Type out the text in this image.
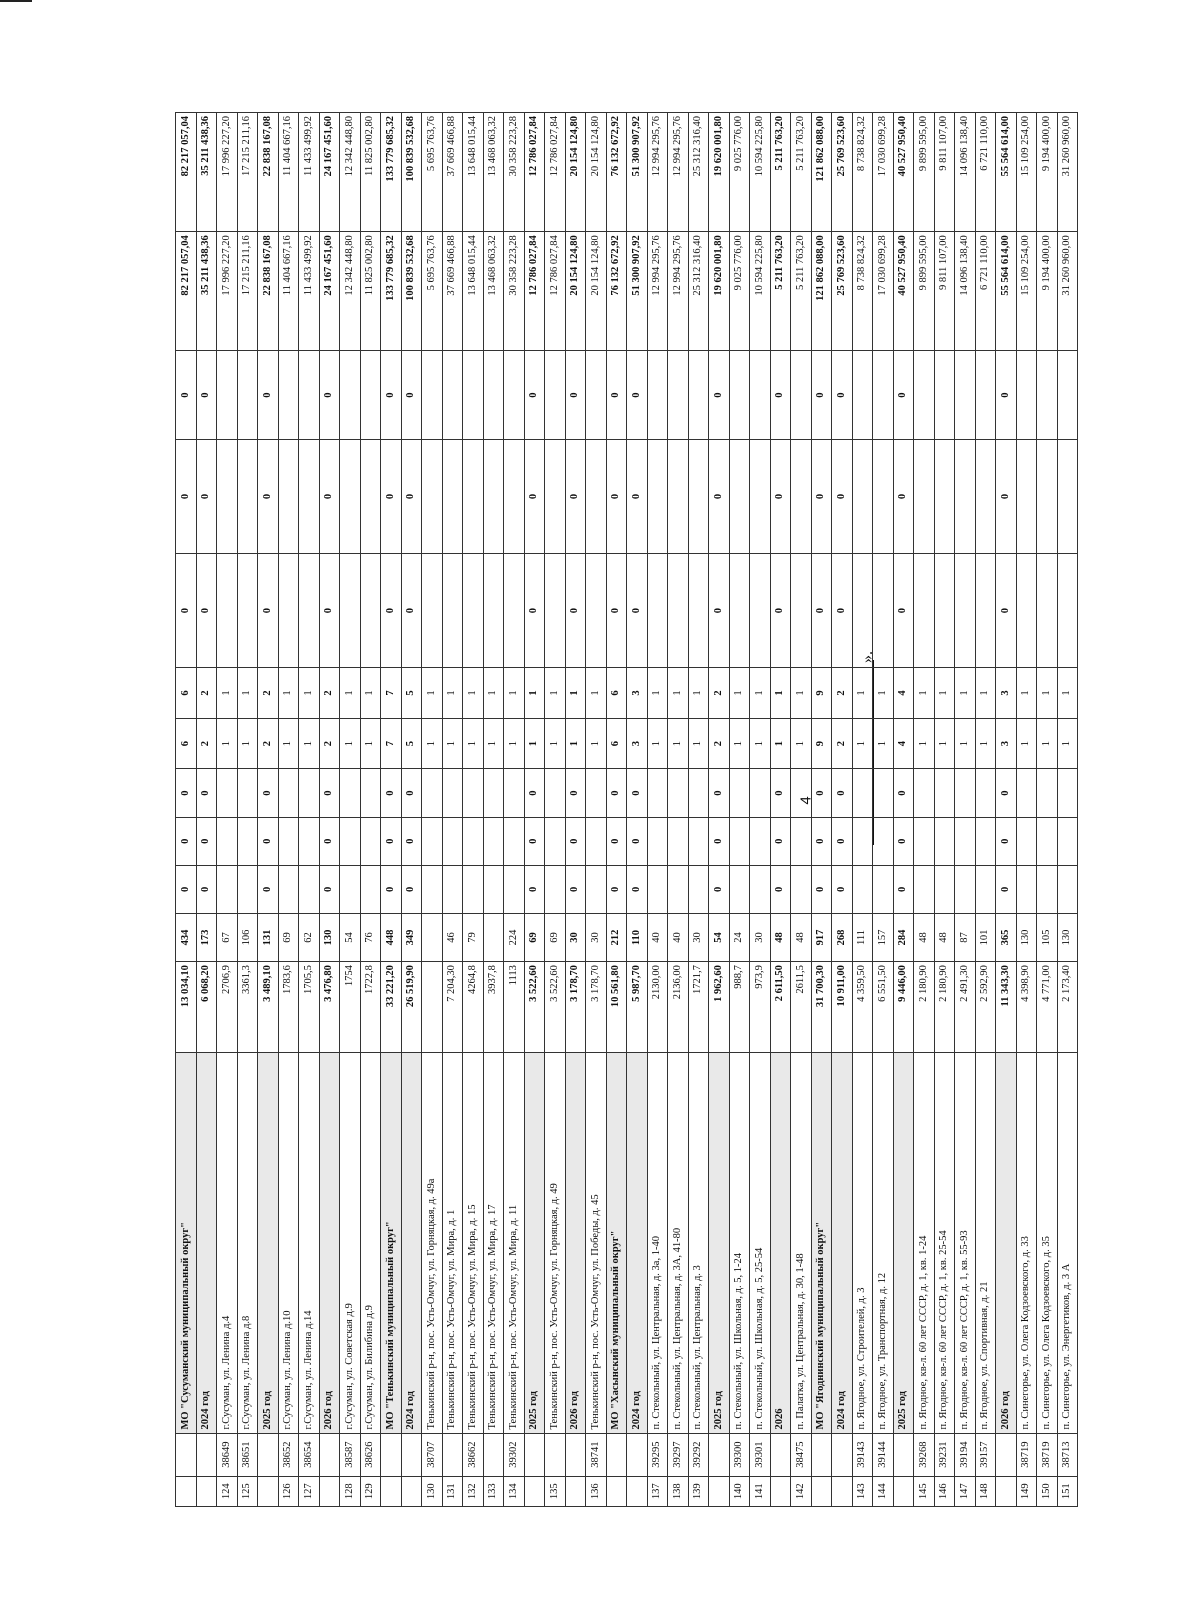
4
».
		МО "Сусуманский муниципальный округ"	13 034,10	434	0	0	0	6	6	0	0	0	82 217 057,04	82 217 057,04
		2024 год	6 068,20	173	0	0	0	2	2	0	0	0	35 211 438,36	35 211 438,36
124	38649	г.Сусуман, ул. Ленина д.4	2706,9	67				1	1				17 996 227,20	17 996 227,20
125	38651	г.Сусуман, ул. Ленина д.8	3361,3	106				1	1				17 215 211,16	17 215 211,16
		2025 год	3 489,10	131	0	0	0	2	2	0	0	0	22 838 167,08	22 838 167,08
126	38652	г.Сусуман, ул. Ленина д.10	1783,6	69				1	1				11 404 667,16	11 404 667,16
127	38654	г.Сусуман, ул. Ленина д.14	1705,5	62				1	1				11 433 499,92	11 433 499,92
		2026 год	3 476,80	130	0	0	0	2	2	0	0	0	24 167 451,60	24 167 451,60
128	38587	г.Сусуман, ул. Советская д.9	1754	54				1	1				12 342 448,80	12 342 448,80
129	38626	г.Сусуман, ул. Билибина д.9	1722,8	76				1	1				11 825 002,80	11 825 002,80
		МО "Тенькинский муниципальный округ"	33 221,20	448	0	0	0	7	7	0	0	0	133 779 685,32	133 779 685,32
		2024 год	26 519,90	349	0	0	0	5	5	0	0	0	100 839 532,68	100 839 532,68
130	38707	Тенькинский р-н, пос. Усть-Омчуг, ул. Горняцкая, д. 49а						1	1				5 695 763,76	5 695 763,76
131		Тенькинский р-н, пос. Усть-Омчуг, ул. Мира, д. 1	7 204,30	46				1	1				37 669 466,88	37 669 466,88
132	38662	Тенькинский р-н, пос. Усть-Омчуг, ул. Мира, д. 15	4264,8	79				1	1				13 648 015,44	13 648 015,44
133		Тенькинский р-н, пос. Усть-Омчуг, ул. Мира, д. 17	3937,8					1	1				13 468 063,32	13 468 063,32
134	39302	Тенькинский р-н, пос. Усть-Омчуг, ул. Мира, д. 11	1113	224				1	1				30 358 223,28	30 358 223,28
		2025 год	3 522,60	69	0	0	0	1	1	0	0	0	12 786 027,84	12 786 027,84
135		Тенькинский р-н, пос. Усть-Омчуг, ул. Горняцкая, д. 49	3 522,60	69				1	1				12 786 027,84	12 786 027,84
		2026 год	3 178,70	30	0	0	0	1	1	0	0	0	20 154 124,80	20 154 124,80
136	38741	Тенькинский р-н, пос. Усть-Омчуг, ул. Победы, д. 45	3 178,70	30				1	1				20 154 124,80	20 154 124,80
		МО "Хасынский муниципальный округ"	10 561,80	212	0	0	0	6	6	0	0	0	76 132 672,92	76 132 672,92
		2024 год	5 987,70	110	0	0	0	3	3	0	0	0	51 300 907,92	51 300 907,92
137	39295	п. Стекольный, ул. Центральная, д. 3а, 1-40	2130,00	40				1	1				12 994 295,76	12 994 295,76
138	39297	п. Стекольный, ул. Центральная, д. 3А, 41-80	2136,00	40				1	1				12 994 295,76	12 994 295,76
139	39292	п. Стекольный, ул. Центральная, д. 3	1721,7	30				1	1				25 312 316,40	25 312 316,40
		2025 год	1 962,60	54	0	0	0	2	2	0	0	0	19 620 001,80	19 620 001,80
140	39300	п. Стекольный, ул. Школьная, д. 5, 1-24	988,7	24				1	1				9 025 776,00	9 025 776,00
141	39301	п. Стекольный, ул. Школьная, д. 5, 25-54	973,9	30				1	1				10 594 225,80	10 594 225,80
		2026	2 611,50	48	0	0	0	1	1	0	0	0	5 211 763,20	5 211 763,20
142	38475	п. Палатка, ул. Центральная, д. 30, 1-48	2611,5	48				1	1				5 211 763,20	5 211 763,20
		МО "Ягоднинский муниципальный округ"	31 700,30	917	0	0	0	9	9	0	0	0	121 862 088,00	121 862 088,00
		2024 год	10 911,00	268	0	0	0	2	2	0	0	0	25 769 523,60	25 769 523,60
143	39143	п. Ягодное, ул. Строителей, д. 3	4 359,50	111				1	1				8 738 824,32	8 738 824,32
144	39144	п. Ягодное, ул. Транспортная, д. 12	6 551,50	157				1	1				17 030 699,28	17 030 699,28
		2025 год	9 446,00	284	0	0	0	4	4	0	0	0	40 527 950,40	40 527 950,40
145	39268	п. Ягодное, кв-л. 60 лет СССР, д. 1, кв. 1-24	2 180,90	48				1	1				9 899 595,00	9 899 595,00
146	39231	п. Ягодное, кв-л. 60 лет СССР, д. 1, кв. 25-54	2 180,90	48				1	1				9 811 107,00	9 811 107,00
147	39194	п. Ягодное, кв-л. 60 лет СССР, д. 1, кв. 55-93	2 491,30	87				1	1				14 096 138,40	14 096 138,40
148	39157	п. Ягодное, ул. Спортивная, д. 21	2 592,90	101				1	1				6 721 110,00	6 721 110,00
		2026 год	11 343,30	365	0	0	0	3	3	0	0	0	55 564 614,00	55 564 614,00
149	38719	п. Синегорье, ул. Олега Кодзоевского, д. 33	4 398,90	130				1	1				15 109 254,00	15 109 254,00
150	38719	п. Синегорье, ул. Олега Кодзоевского, д. 35	4 771,00	105				1	1				9 194 400,00	9 194 400,00
151	38713	п. Синегорье, ул. Энергетиков, д. 3 А	2 173,40	130				1	1				31 260 960,00	31 260 960,00
